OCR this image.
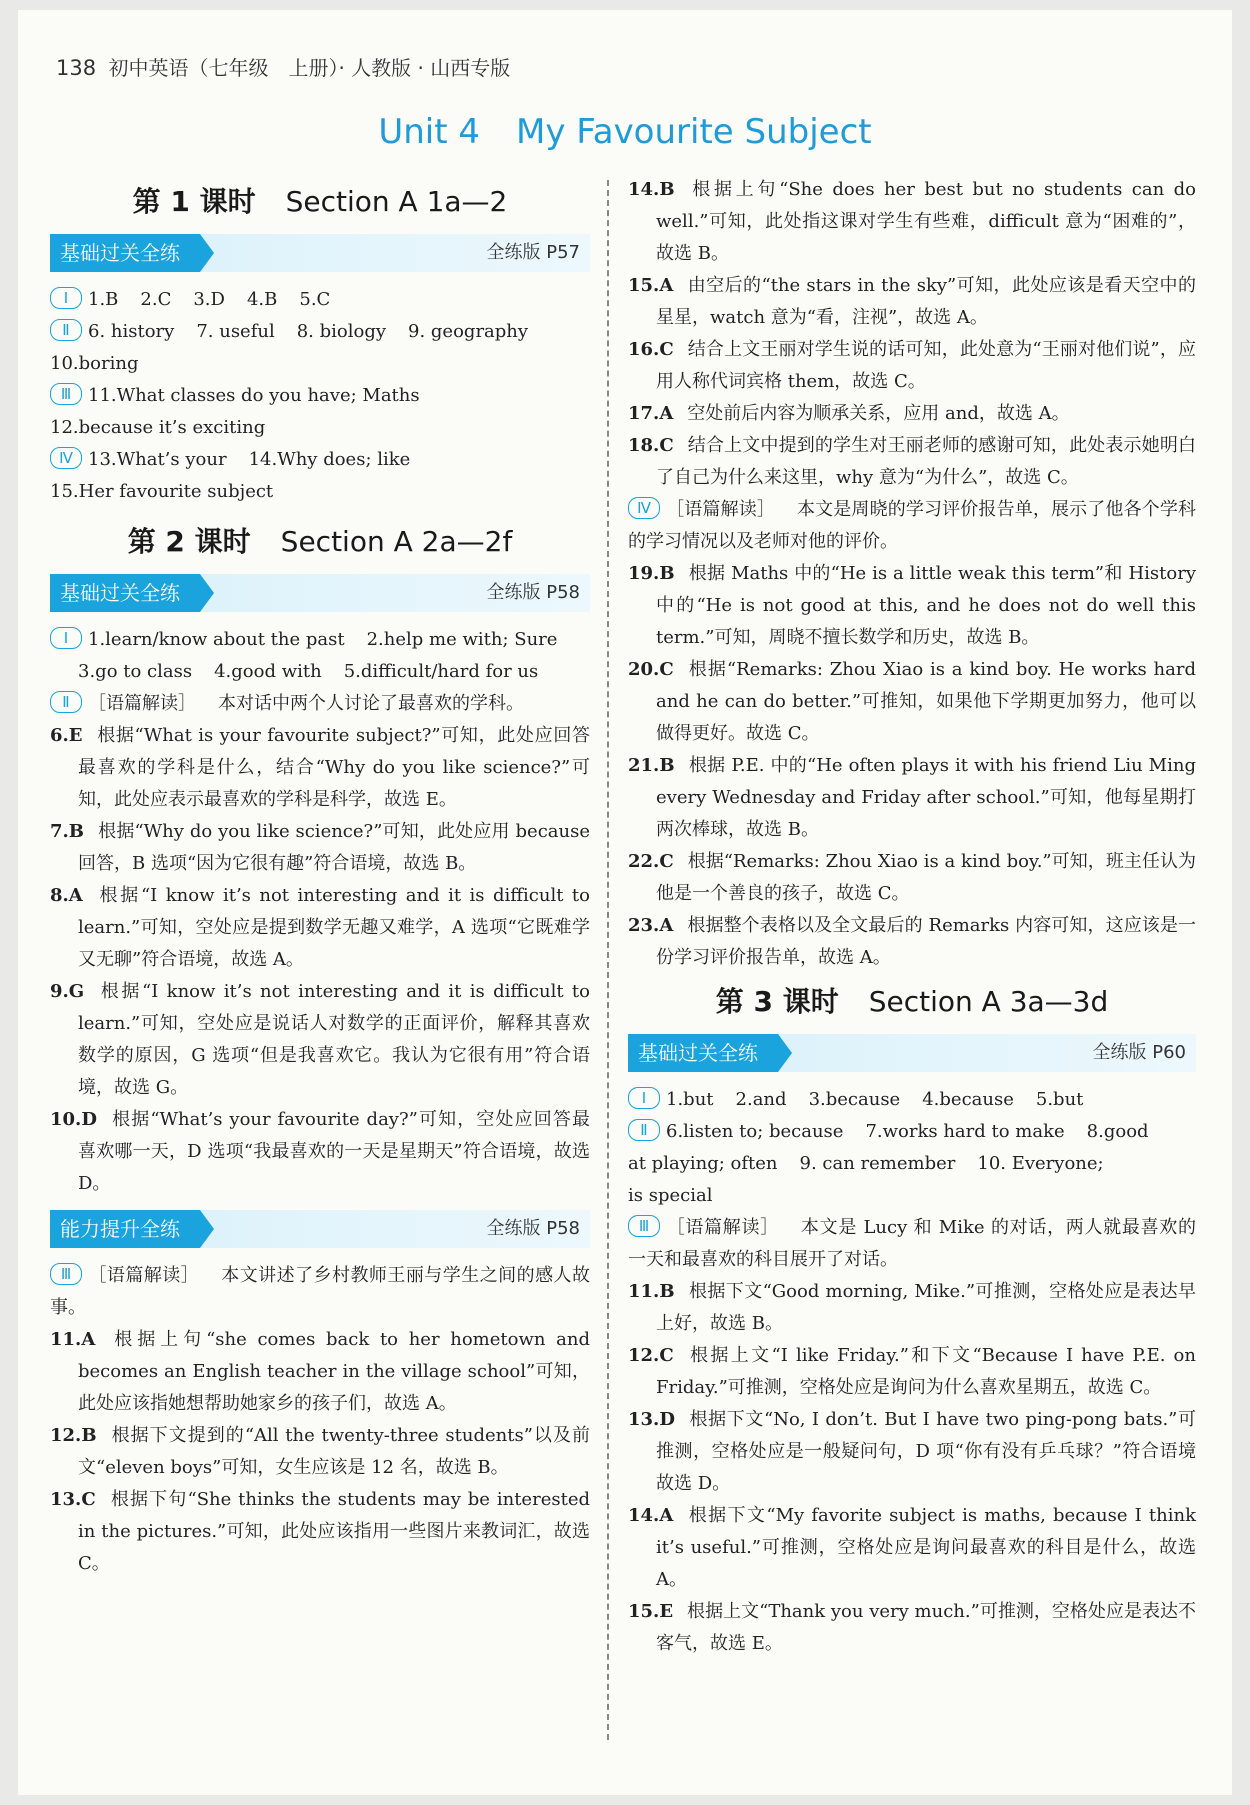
138 初中英语（七年级　上册）· 人教版 · 山西专版
Unit 4 My Favourite Subject
第 1 课时 Section A 1a—2
基础过关全练	全练版 P57

Ⅰ 1.B 2.C 3.D 4.B 5.C

Ⅱ 6. history 7. useful 8. biology 9. geography

10.boring

Ⅲ 11.What classes do you have; Maths

12.because it’s exciting

Ⅳ 13.What’s your 14.Why does; like

15.Her favourite subject

第 2 课时 Section A 2a—2f
基础过关全练	全练版 P58

Ⅰ 1.learn/know about the past 2.help me with; Sure

3.go to class 4.good with 5.difficult/hard for us

Ⅱ ［语篇解读］ 本对话中两个人讨论了最喜欢的学科。

6.E 根据“What is your favourite subject?”可知，此处应回答最喜欢的学科是什么，结合“Why do you like science?”可知，此处应表示最喜欢的学科是科学，故选 E。

7.B 根据“Why do you like science?”可知，此处应用 because 回答，B 选项“因为它很有趣”符合语境，故选 B。

8.A 根据“I know it’s not interesting and it is difficult to learn.”可知，空处应是提到数学无趣又难学，A 选项“它既难学又无聊”符合语境，故选 A。

9.G 根据“I know it’s not interesting and it is difficult to learn.”可知，空处应是说话人对数学的正面评价，解释其喜欢数学的原因，G 选项“但是我喜欢它。我认为它很有用”符合语境，故选 G。

10.D 根据“What’s your favourite day?”可知，空处应回答最喜欢哪一天，D 选项“我最喜欢的一天是星期天”符合语境，故选 D。

能力提升全练	全练版 P58

Ⅲ ［语篇解读］ 本文讲述了乡村教师王丽与学生之间的感人故事。

11.A 根据上句“she comes back to her hometown and becomes an English teacher in the village school”可知，此处应该指她想帮助她家乡的孩子们，故选 A。

12.B 根据下文提到的“All the twenty-three students”以及前文“eleven boys”可知，女生应该是 12 名，故选 B。

13.C 根据下句“She thinks the students may be interested in the pictures.”可知，此处应该指用一些图片来教词汇，故选 C。

14.B 根据上句“She does her best but no students can do well.”可知，此处指这课对学生有些难，difficult 意为“困难的”，故选 B。

15.A 由空后的“the stars in the sky”可知，此处应该是看天空中的星星，watch 意为“看，注视”，故选 A。

16.C 结合上文王丽对学生说的话可知，此处意为“王丽对他们说”，应用人称代词宾格 them，故选 C。

17.A 空处前后内容为顺承关系，应用 and，故选 A。

18.C 结合上文中提到的学生对王丽老师的感谢可知，此处表示她明白了自己为什么来这里，why 意为“为什么”，故选 C。

Ⅳ ［语篇解读］ 本文是周晓的学习评价报告单，展示了他各个学科的学习情况以及老师对他的评价。

19.B 根据 Maths 中的“He is a little weak this term”和 History 中的“He is not good at this, and he does not do well this term.”可知，周晓不擅长数学和历史，故选 B。

20.C 根据“Remarks: Zhou Xiao is a kind boy. He works hard and he can do better.”可推知，如果他下学期更加努力，他可以做得更好。故选 C。

21.B 根据 P.E. 中的“He often plays it with his friend Liu Ming every Wednesday and Friday after school.”可知，他每星期打两次棒球，故选 B。

22.C 根据“Remarks: Zhou Xiao is a kind boy.”可知，班主任认为他是一个善良的孩子，故选 C。

23.A 根据整个表格以及全文最后的 Remarks 内容可知，这应该是一份学习评价报告单，故选 A。

第 3 课时 Section A 3a—3d
基础过关全练	全练版 P60

Ⅰ 1.but 2.and 3.because 4.because 5.but

Ⅱ 6.listen to; because 7.works hard to make 8.good

at playing; often 9. can remember 10. Everyone;

is special

Ⅲ ［语篇解读］ 本文是 Lucy 和 Mike 的对话，两人就最喜欢的一天和最喜欢的科目展开了对话。

11.B 根据下文“Good morning, Mike.”可推测，空格处应是表达早上好，故选 B。

12.C 根据上文“I like Friday.”和下文“Because I have P.E. on Friday.”可推测，空格处应是询问为什么喜欢星期五，故选 C。

13.D 根据下文“No, I don’t. But I have two ping-pong bats.”可推测，空格处应是一般疑问句，D 项“你有没有乒乓球？”符合语境故选 D。

14.A 根据下文“My favorite subject is maths, because I think it’s useful.”可推测，空格处应是询问最喜欢的科目是什么，故选 A。

15.E 根据上文“Thank you very much.”可推测，空格处应是表达不客气，故选 E。
